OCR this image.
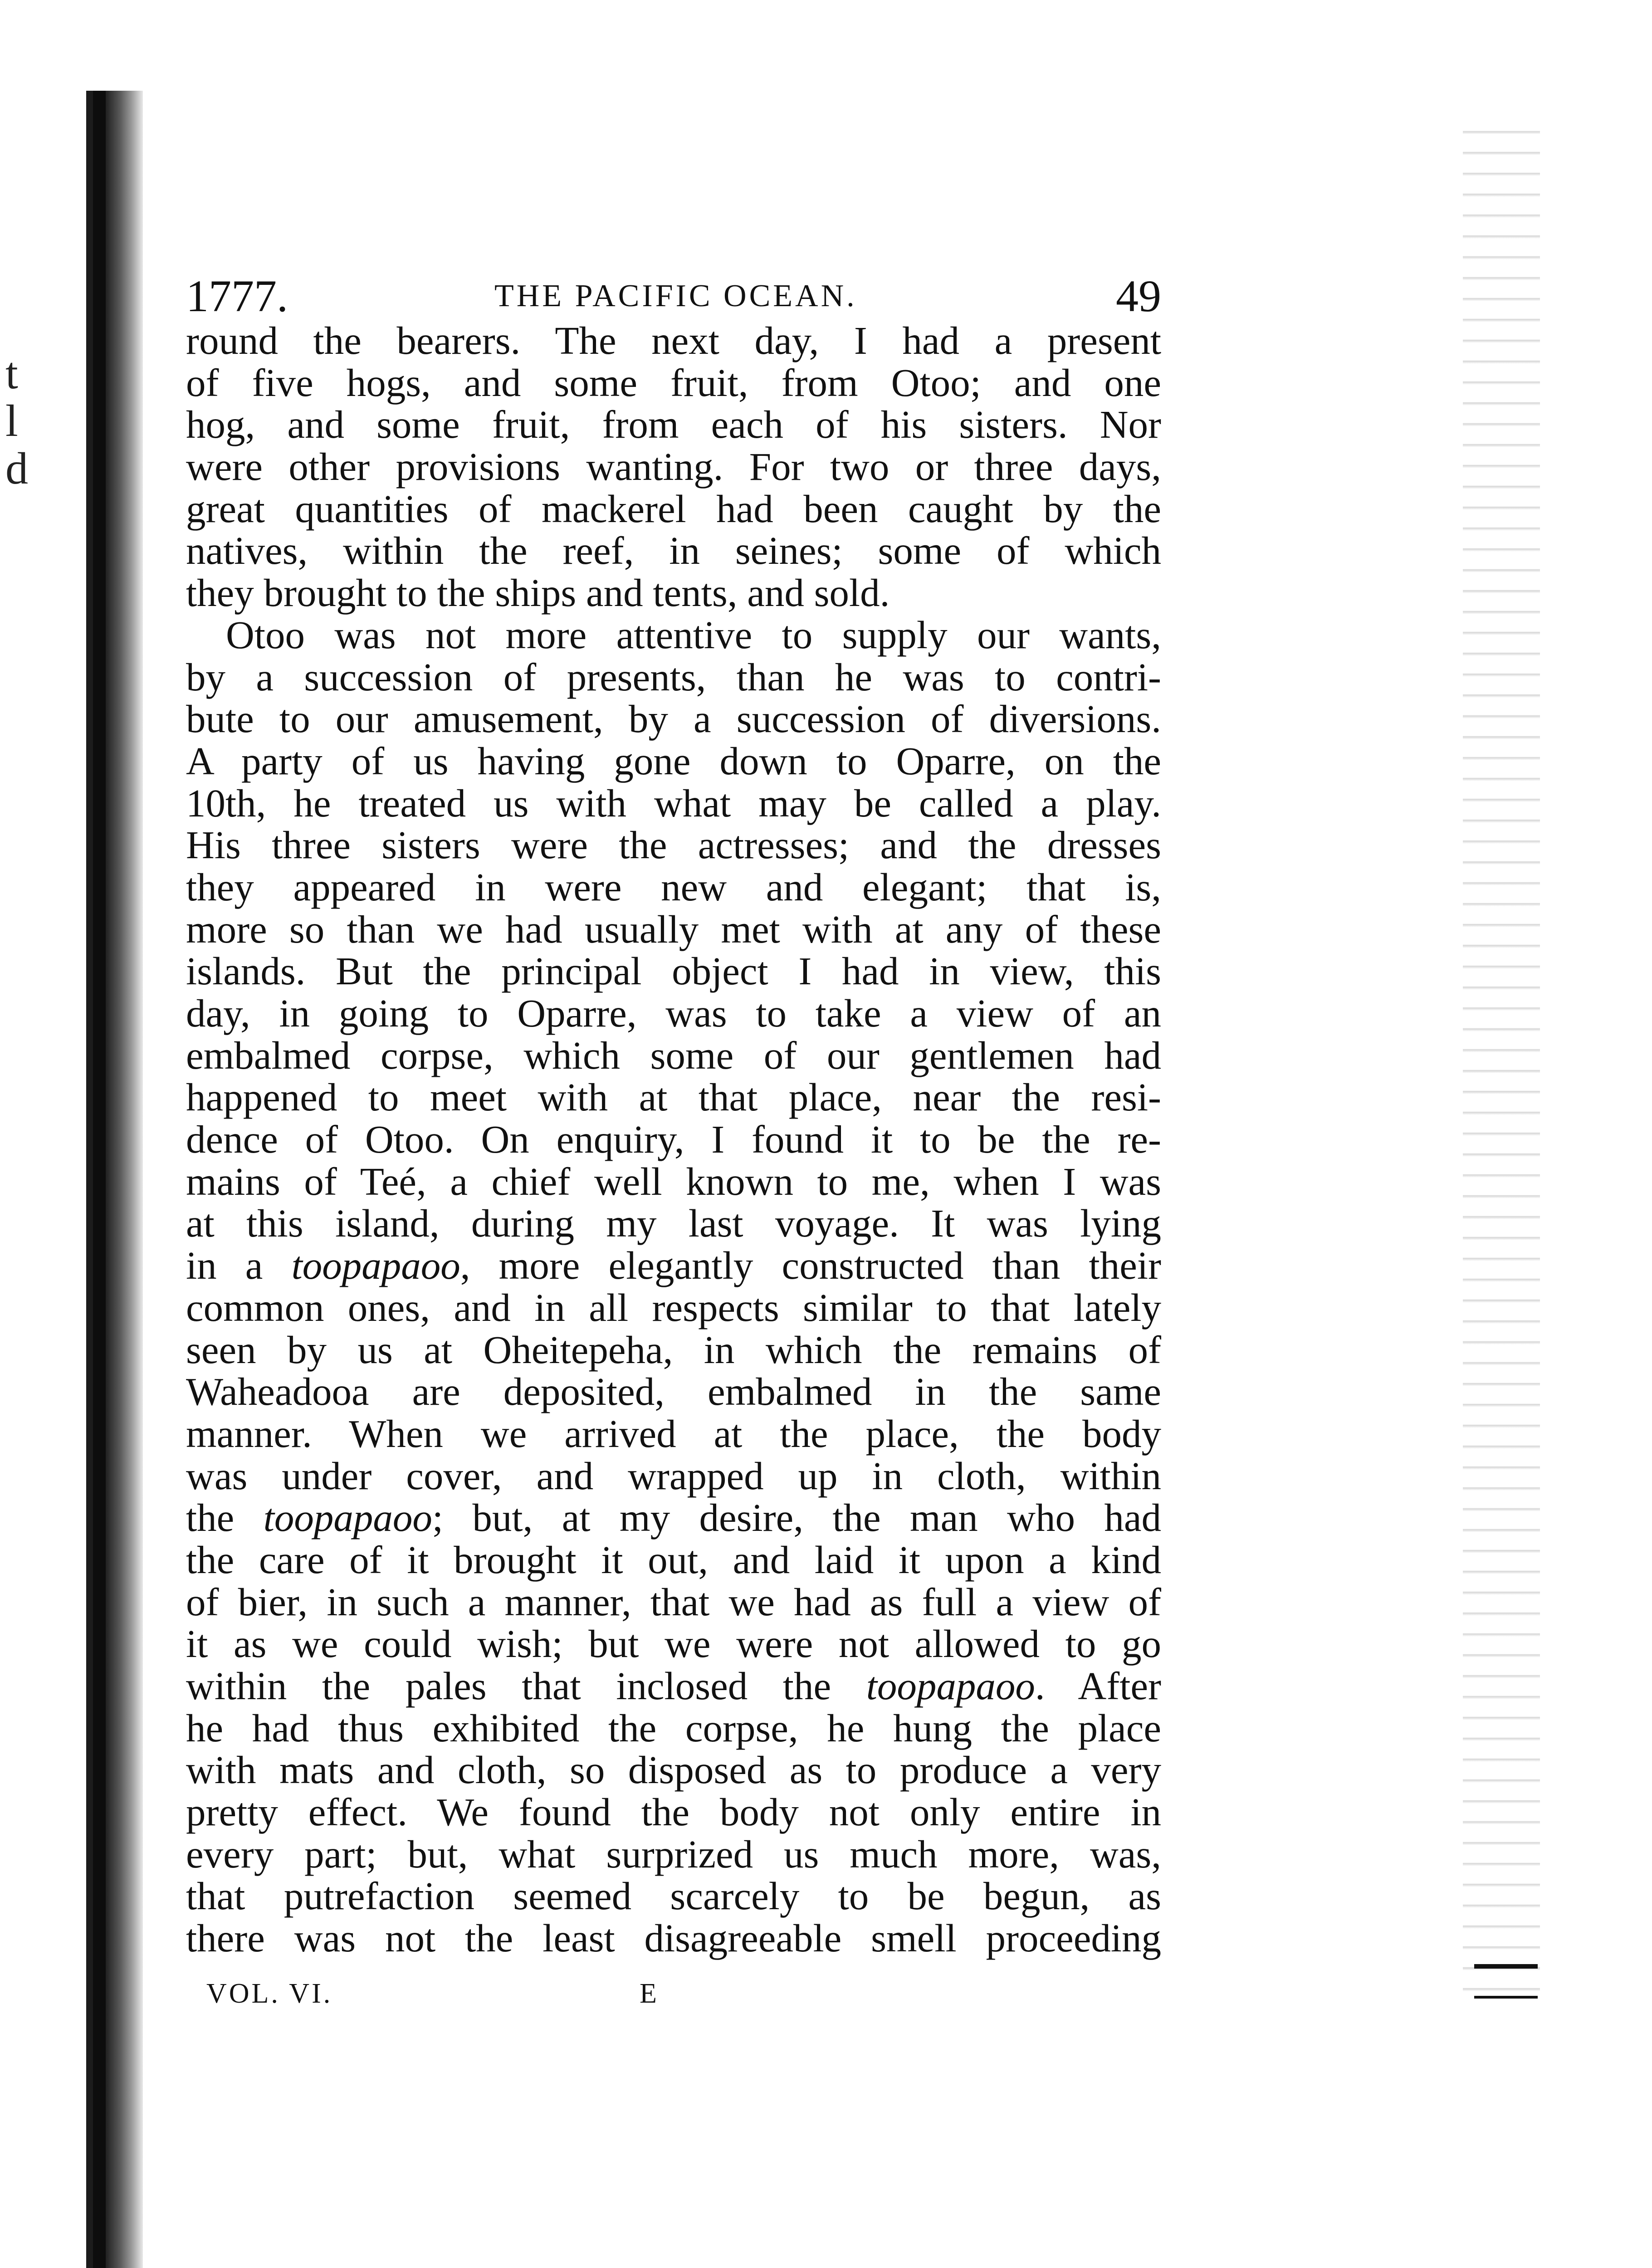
t
l
d
1777.	THE PACIFIC OCEAN.	49
round the bearers. The next day, I had a present
of five hogs, and some fruit, from Otoo; and one
hog, and some fruit, from each of his sisters. Nor
were other provisions wanting. For two or three days,
great quantities of mackerel had been caught by the
natives, within the reef, in seines; some of which
they brought to the ships and tents, and sold.
Otoo was not more attentive to supply our wants,
by a succession of presents, than he was to contri-
bute to our amusement, by a succession of diversions.
A party of us having gone down to Oparre, on the
10th, he treated us with what may be called a play.
His three sisters were the actresses; and the dresses
they appeared in were new and elegant; that is,
more so than we had usually met with at any of these
islands. But the principal object I had in view, this
day, in going to Oparre, was to take a view of an
embalmed corpse, which some of our gentlemen had
happened to meet with at that place, near the resi-
dence of Otoo. On enquiry, I found it to be the re-
mains of Teé, a chief well known to me, when I was
at this island, during my last voyage. It was lying
in a toopapaoo, more elegantly constructed than their
common ones, and in all respects similar to that lately
seen by us at Oheitepeha, in which the remains of
Waheadooa are deposited, embalmed in the same
manner. When we arrived at the place, the body
was under cover, and wrapped up in cloth, within
the toopapaoo; but, at my desire, the man who had
the care of it brought it out, and laid it upon a kind
of bier, in such a manner, that we had as full a view of
it as we could wish; but we were not allowed to go
within the pales that inclosed the toopapaoo. After
he had thus exhibited the corpse, he hung the place
with mats and cloth, so disposed as to produce a very
pretty effect. We found the body not only entire in
every part; but, what surprized us much more, was,
that putrefaction seemed scarcely to be begun, as
there was not the least disagreeable smell proceeding
VOL. VI.	E
